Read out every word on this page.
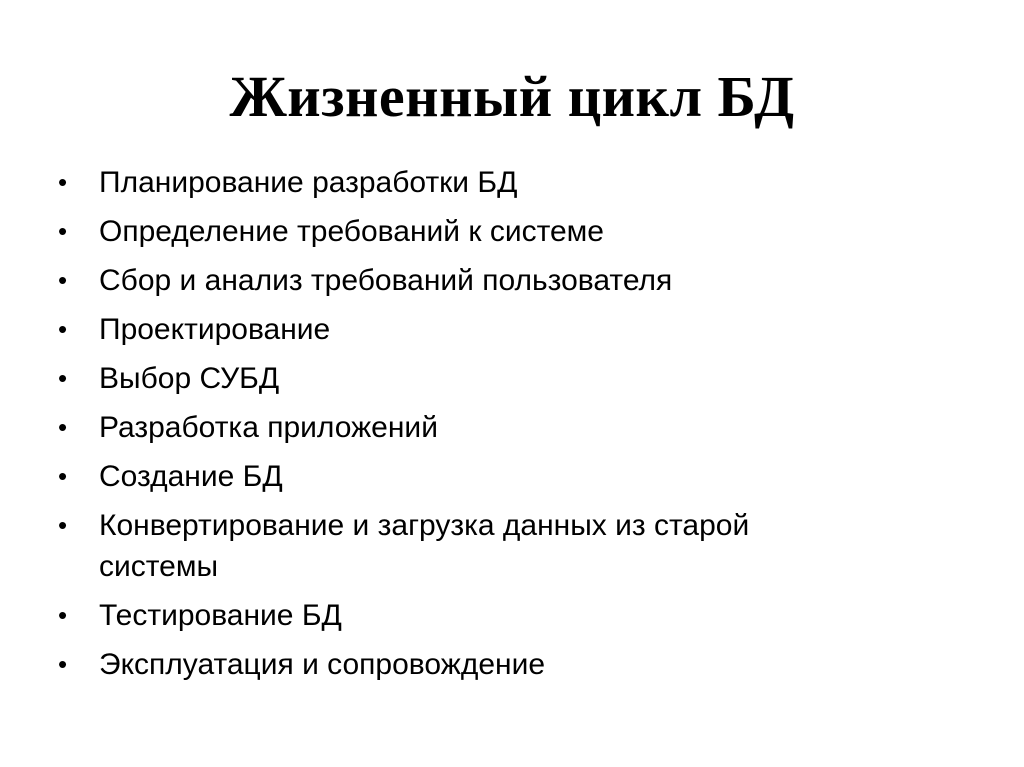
Жизненный цикл БД
•	Планирование разработки БД
•	Определение требований к системе
•	Сбор и анализ требований пользователя
•	Проектирование
•	Выбор СУБД
•	Разработка приложений
•	Создание БД
•	Конвертирование и загрузка данных из старой системы
•	Тестирование БД
•	Эксплуатация и сопровождение
